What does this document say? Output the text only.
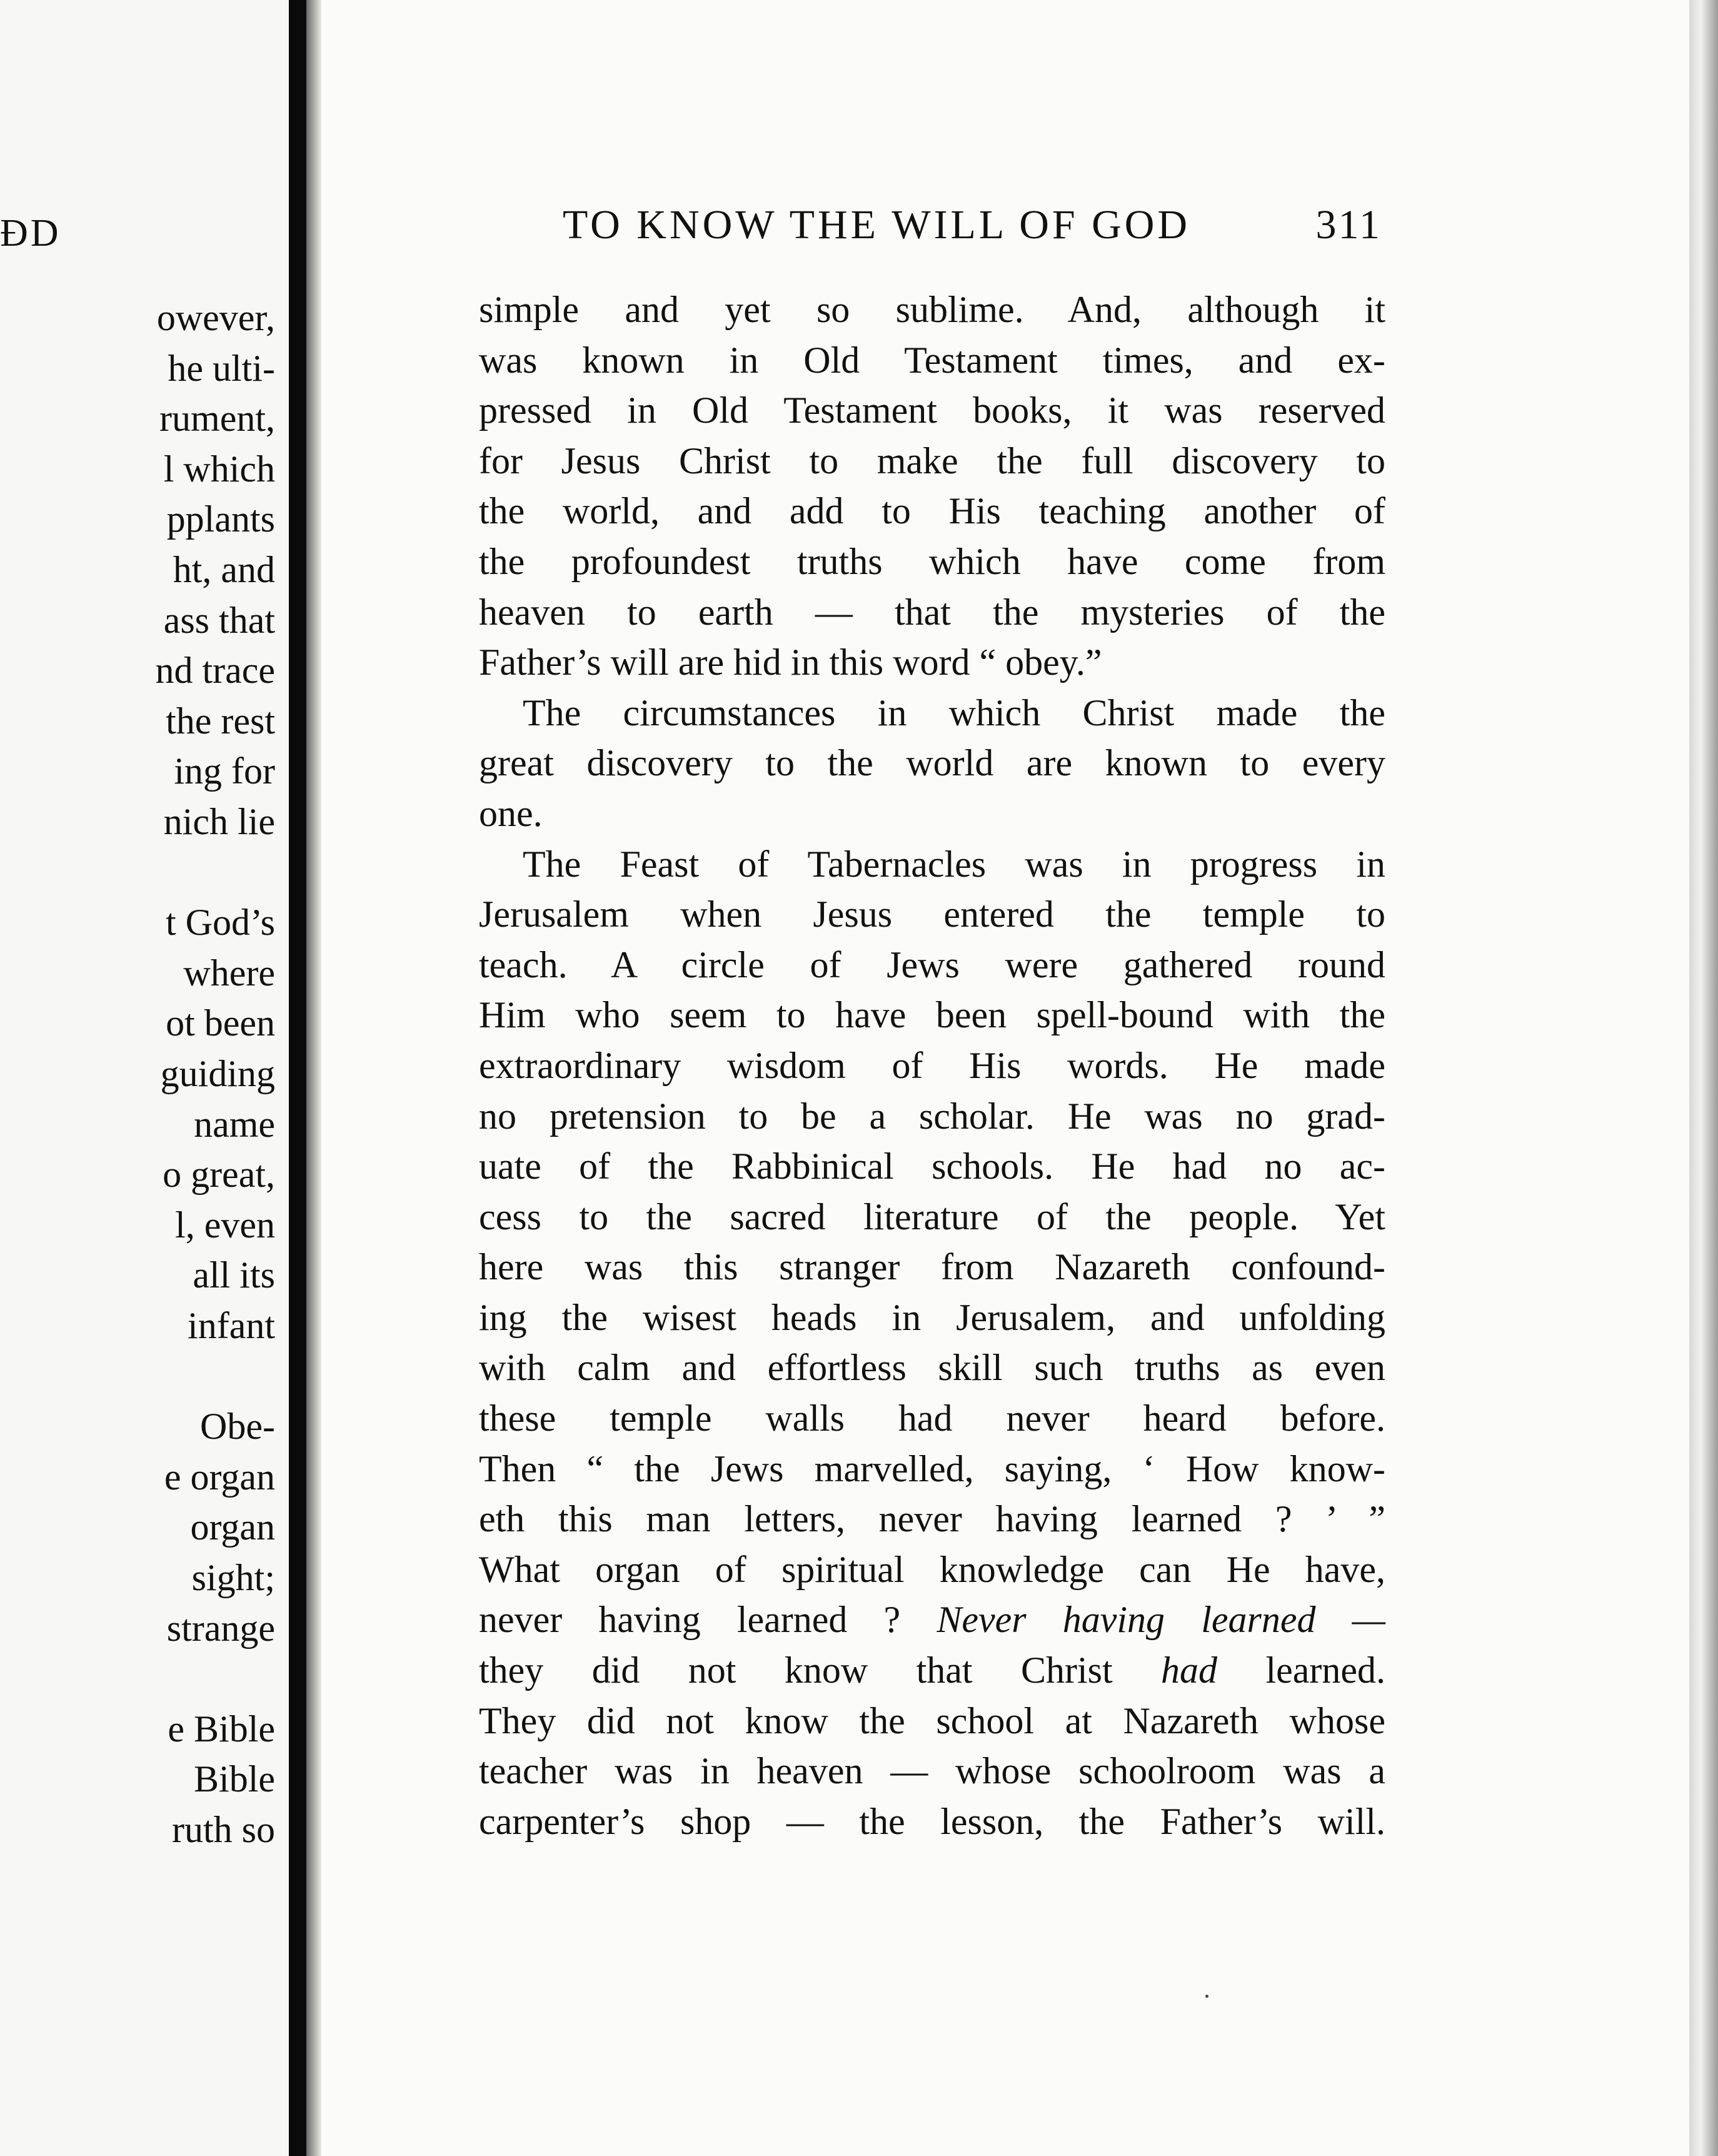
ÐD
owever,
he ulti-
rument,
l which
pplants
ht, and
ass that
nd trace
the rest
ing for
nich lie
t God’s
where
ot been
guiding
name
o great,
l, even
all its
infant
Obe-
e organ
organ
sight;
strange
e Bible
Bible
ruth so
TO KNOW THE WILL OF GOD	311
simple and yet so sublime. And, although it
was known in Old Testament times, and ex-
pressed in Old Testament books, it was reserved
for Jesus Christ to make the full discovery to
the world, and add to His teaching another of
the profoundest truths which have come from
heaven to earth — that the mysteries of the
Father’s will are hid in this word “ obey.”
The circumstances in which Christ made the
great discovery to the world are known to every
one.
The Feast of Tabernacles was in progress in
Jerusalem when Jesus entered the temple to
teach. A circle of Jews were gathered round
Him who seem to have been spell-bound with the
extraordinary wisdom of His words. He made
no pretension to be a scholar. He was no grad-
uate of the Rabbinical schools. He had no ac-
cess to the sacred literature of the people. Yet
here was this stranger from Nazareth confound-
ing the wisest heads in Jerusalem, and unfolding
with calm and effortless skill such truths as even
these temple walls had never heard before.
Then “ the Jews marvelled, saying, ‘ How know-
eth this man letters, never having learned ? ’ ”
What organ of spiritual knowledge can He have,
never having learned ? Never having learned —
they did not know that Christ had learned.
They did not know the school at Nazareth whose
teacher was in heaven — whose schoolroom was a
carpenter’s shop — the lesson, the Father’s will.
